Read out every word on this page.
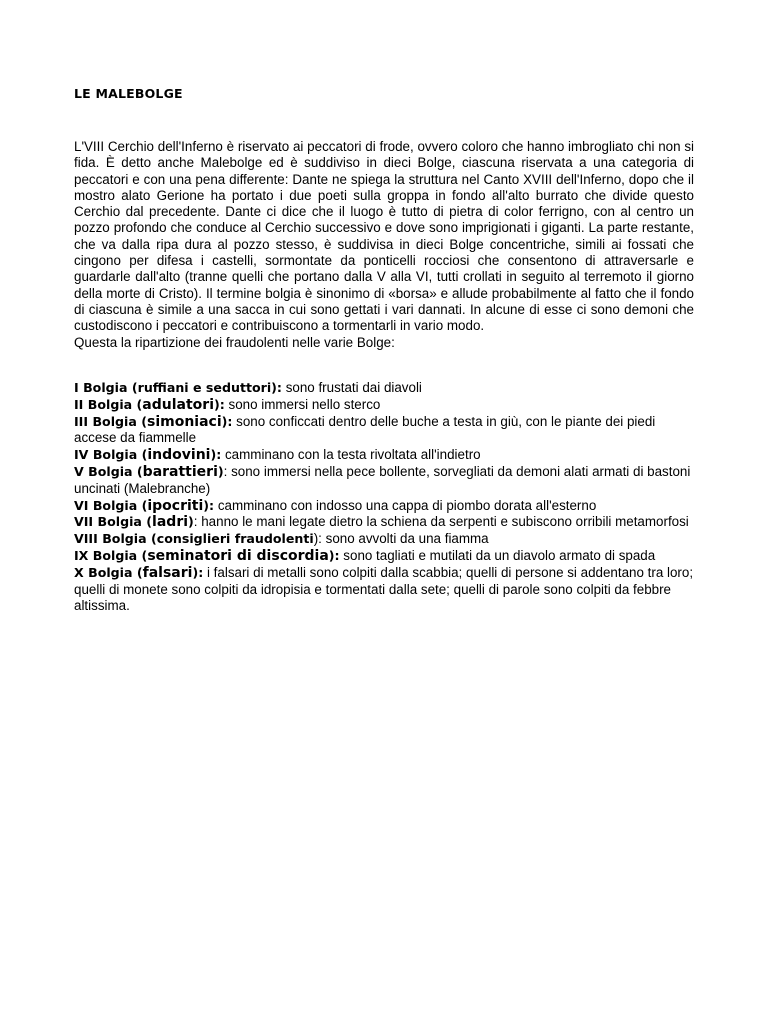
LE MALEBOLGE

L'VIII Cerchio dell'Inferno è riservato ai peccatori di frode, ovvero coloro che hanno imbrogliato chi non si fida. È detto anche Malebolge ed è suddiviso in dieci Bolge, ciascuna riservata a una categoria di peccatori e con una pena differente: Dante ne spiega la struttura nel Canto XVIII dell'Inferno, dopo che il mostro alato Gerione ha portato i due poeti sulla groppa in fondo all'alto burrato che divide questo Cerchio dal precedente. Dante ci dice che il luogo è tutto di pietra di color ferrigno, con al centro un pozzo profondo che conduce al Cerchio successivo e dove sono imprigionati i giganti. La parte restante, che va dalla ripa dura al pozzo stesso, è suddivisa in dieci Bolge concentriche, simili ai fossati che cingono per difesa i castelli, sormontate da ponticelli rocciosi che consentono di attraversarle e guardarle dall'alto (tranne quelli che portano dalla V alla VI, tutti crollati in seguito al terremoto il giorno della morte di Cristo). Il termine bolgia è sinonimo di «borsa» e allude probabilmente al fatto che il fondo di ciascuna è simile a una sacca in cui sono gettati i vari dannati. In alcune di esse ci sono demoni che custodiscono i peccatori e contribuiscono a tormentarli in vario modo.

Questa la ripartizione dei fraudolenti nelle varie Bolge:

I Bolgia (ruffiani e seduttori): sono frustati dai diavoli

II Bolgia (adulatori): sono immersi nello sterco

III Bolgia (simoniaci): sono conficcati dentro delle buche a testa in giù, con le piante dei piedi accese da fiammelle

IV Bolgia (indovini): camminano con la testa rivoltata all'indietro

V Bolgia (barattieri): sono immersi nella pece bollente, sorvegliati da demoni alati armati di bastoni uncinati (Malebranche)

VI Bolgia (ipocriti): camminano con indosso una cappa di piombo dorata all'esterno

VII Bolgia (ladri): hanno le mani legate dietro la schiena da serpenti e subiscono orribili metamorfosi

VIII Bolgia (consiglieri fraudolenti): sono avvolti da una fiamma

IX Bolgia (seminatori di discordia): sono tagliati e mutilati da un diavolo armato di spada

X Bolgia (falsari): i falsari di metalli sono colpiti dalla scabbia; quelli di persone si addentano tra loro; quelli di monete sono colpiti da idropisia e tormentati dalla sete; quelli di parole sono colpiti da febbre altissima.
